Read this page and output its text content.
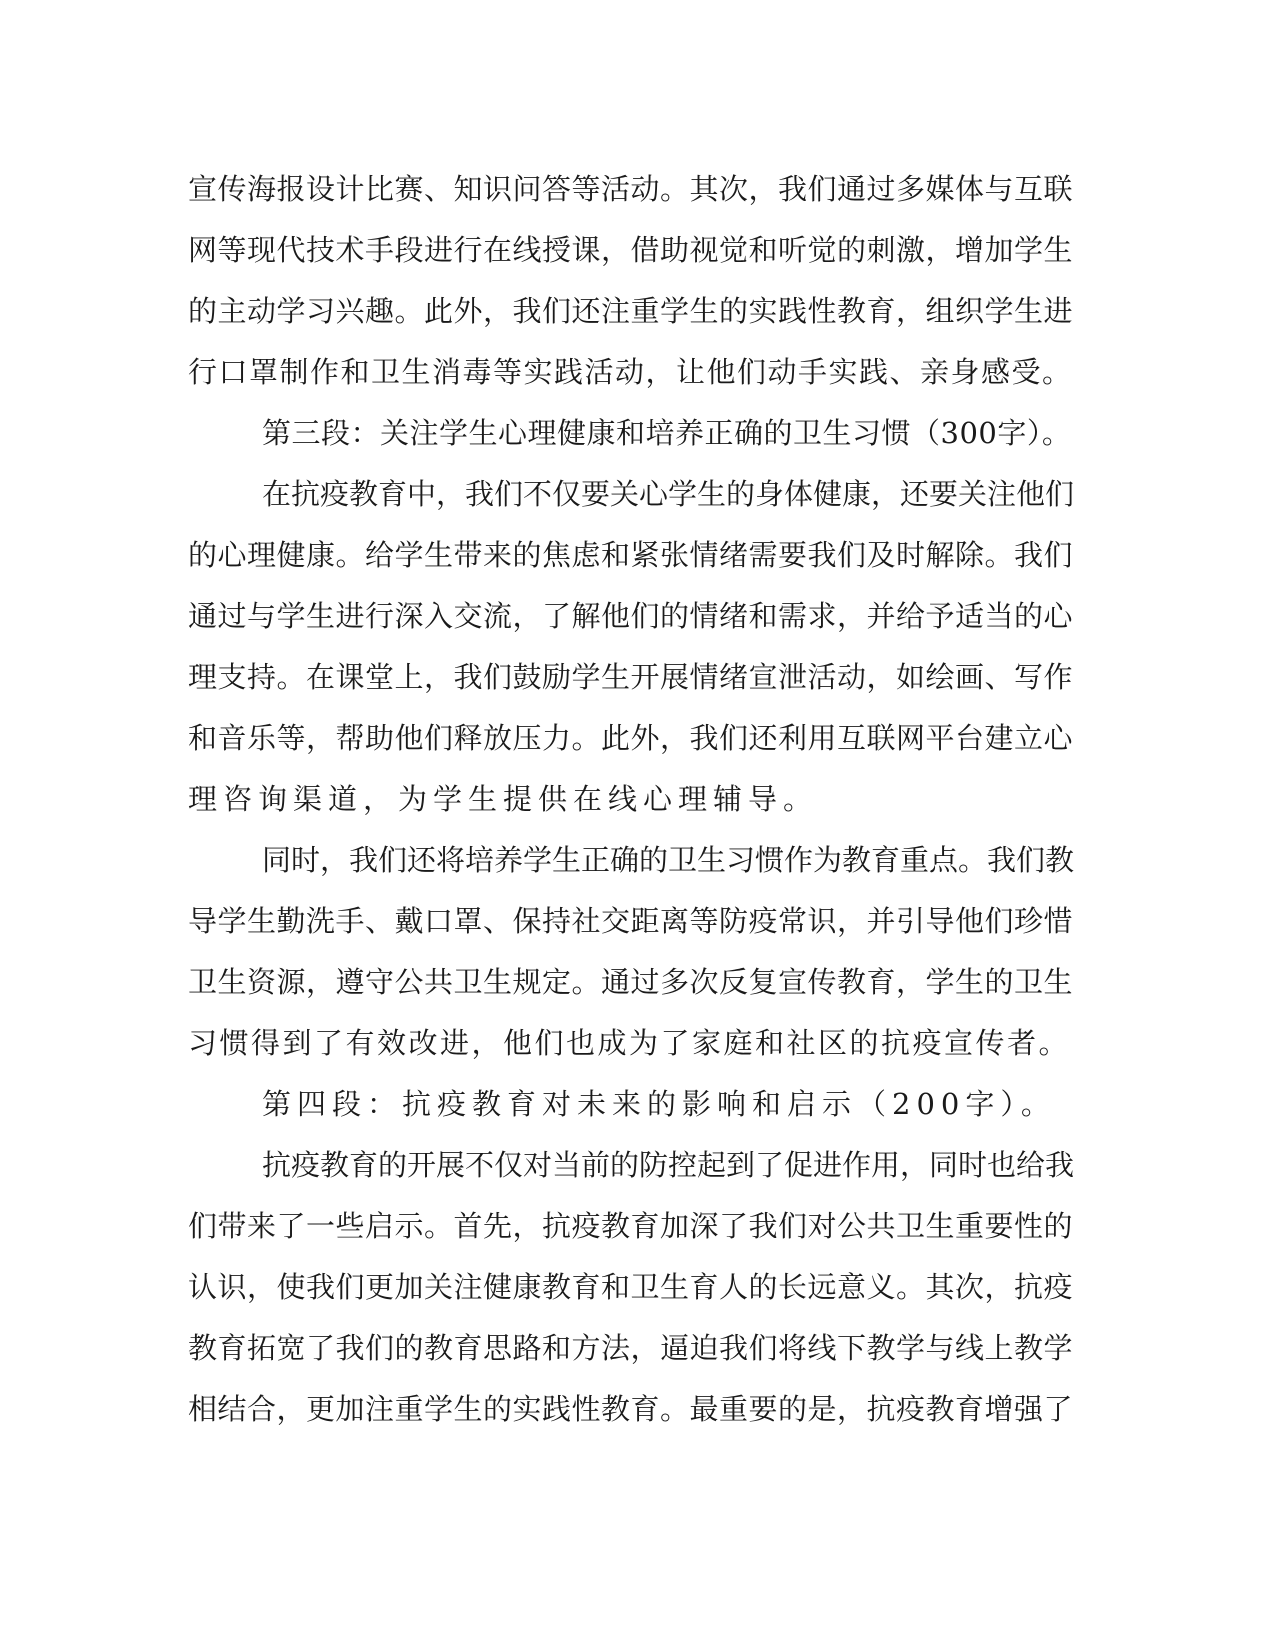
宣传海报设计比赛、知识问答等活动。其次，我们通过多媒体与互联
网等现代技术手段进行在线授课，借助视觉和听觉的刺激，增加学生
的主动学习兴趣。此外，我们还注重学生的实践性教育，组织学生进
行口罩制作和卫生消毒等实践活动，让他们动手实践、亲身感受。
第三段：关注学生心理健康和培养正确的卫生习惯（300字）。
在抗疫教育中，我们不仅要关心学生的身体健康，还要关注他们
的心理健康。给学生带来的焦虑和紧张情绪需要我们及时解除。我们
通过与学生进行深入交流，了解他们的情绪和需求，并给予适当的心
理支持。在课堂上，我们鼓励学生开展情绪宣泄活动，如绘画、写作
和音乐等，帮助他们释放压力。此外，我们还利用互联网平台建立心
理咨询渠道，为学生提供在线心理辅导。
同时，我们还将培养学生正确的卫生习惯作为教育重点。我们教
导学生勤洗手、戴口罩、保持社交距离等防疫常识，并引导他们珍惜
卫生资源，遵守公共卫生规定。通过多次反复宣传教育，学生的卫生
习惯得到了有效改进，他们也成为了家庭和社区的抗疫宣传者。
第四段：抗疫教育对未来的影响和启示（200字）。
抗疫教育的开展不仅对当前的防控起到了促进作用，同时也给我
们带来了一些启示。首先，抗疫教育加深了我们对公共卫生重要性的
认识，使我们更加关注健康教育和卫生育人的长远意义。其次，抗疫
教育拓宽了我们的教育思路和方法，逼迫我们将线下教学与线上教学
相结合，更加注重学生的实践性教育。最重要的是，抗疫教育增强了
